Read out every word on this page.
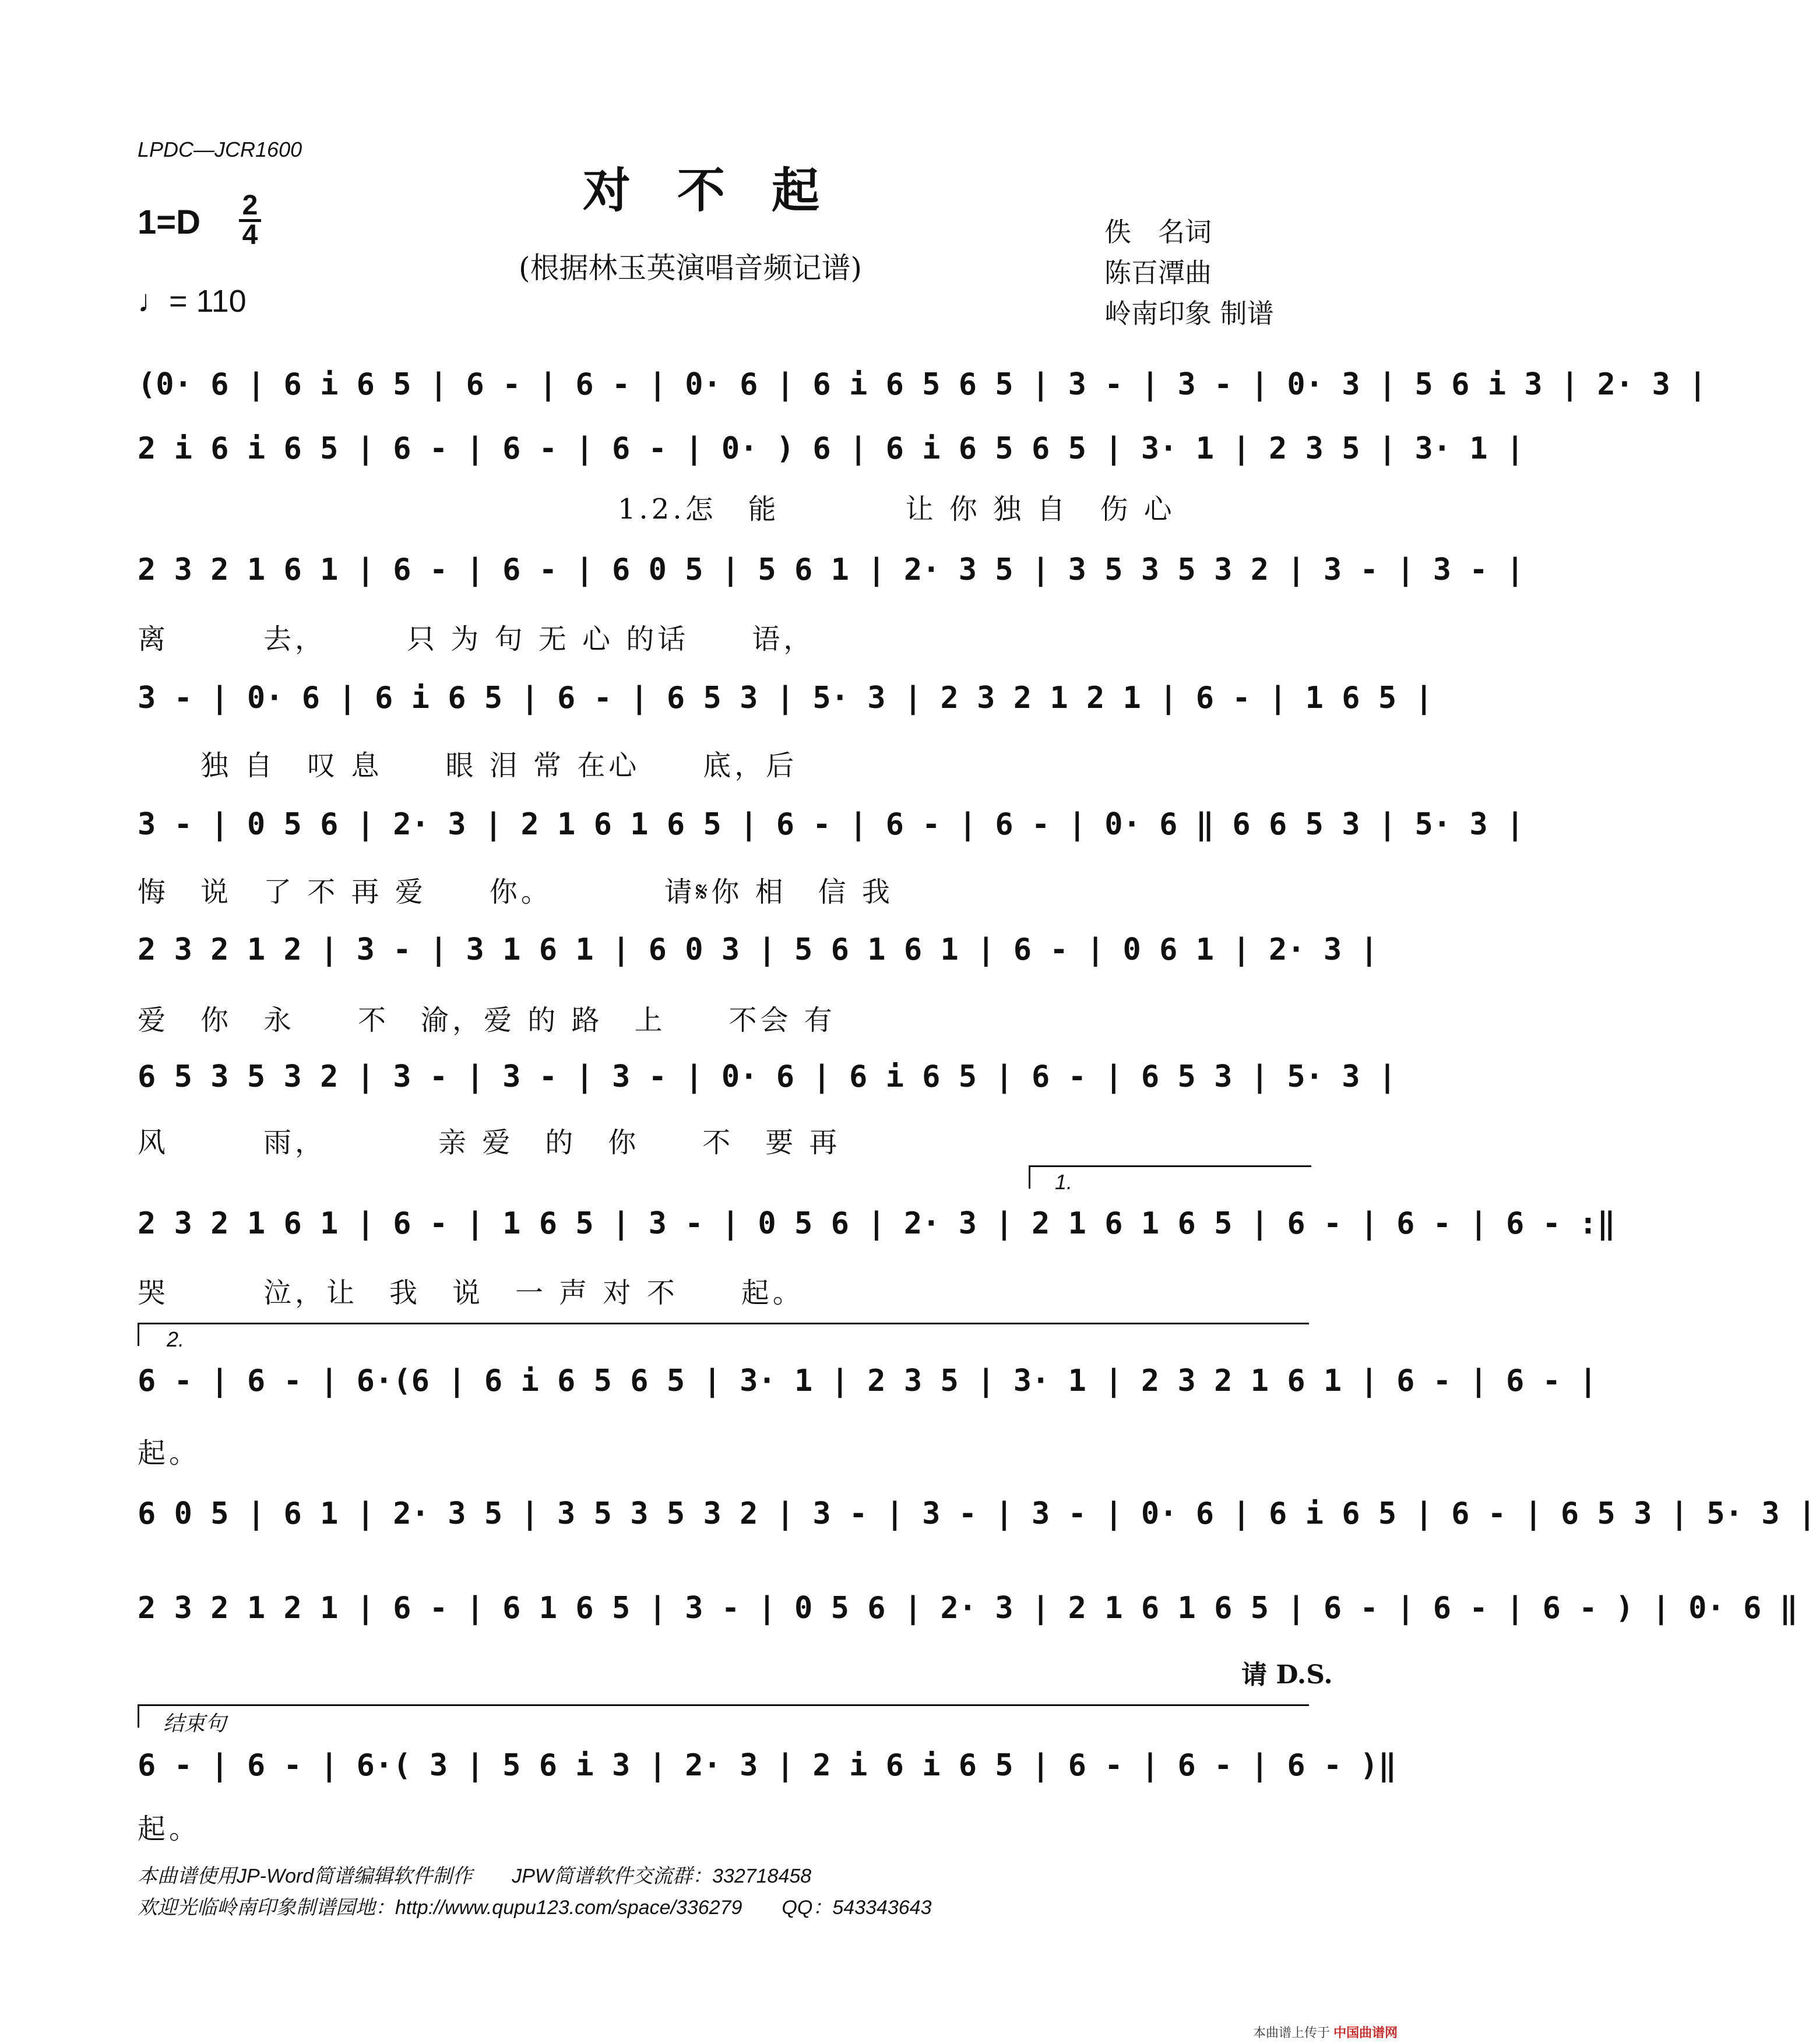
LPDC—JCR1600
对不起
(根据林玉英演唱音频记谱)
1=D 2
4
♩= 110
佚　名词
陈百潭曲
岭南印象 制谱
(0· 6 | 6 i 6 5 | 6 - | 6 - | 0· 6 | 6 i 6 5 6 5 | 3 - | 3 - | 0· 3 | 5 6 i 3 | 2· 3 |
2 i 6 i 6 5 | 6 - | 6 - | 6 - | 0· ) 6 | 6 i 6 5 6 5 | 3· 1 | 2 3 5 | 3· 1 |
1.2.怎　能　　　　让 你 独 自　伤 心
2 3 2 1 6 1 | 6 - | 6 - | 6 0 5 | 5 6 1 | 2· 3 5 | 3 5 3 5 3 2 | 3 - | 3 - |
离　　　去，　　　只 为 句 无 心 的话　　语，
3 - | 0· 6 | 6 i 6 5 | 6 - | 6 5 3 | 5· 3 | 2 3 2 1 2 1 | 6 - | 1 6 5 |
　　独 自　叹 息　　眼 泪 常 在心　　底，后
3 - | 0 5 6 | 2· 3 | 2 1 6 1 6 5 | 6 - | 6 - | 6 - | 0· 6 ‖ 6 6 5 3 | 5· 3 |
悔　说　了 不 再 爱　　你。　　　　请𝄋你 相　信 我
2 3 2 1 2 | 3 - | 3 1 6 1 | 6 0 3 | 5 6 1 6 1 | 6 - | 0 6 1 | 2· 3 |
爱　你　永　　不　渝，爱 的 路　上　　不会 有
6 5 3 5 3 2 | 3 - | 3 - | 3 - | 0· 6 | 6 i 6 5 | 6 - | 6 5 3 | 5· 3 |
风　　　雨，　　　　亲 爱　的　你　　不　要 再
1.
2 3 2 1 6 1 | 6 - | 1 6 5 | 3 - | 0 5 6 | 2· 3 | 2 1 6 1 6 5 | 6 - | 6 - | 6 - :‖
哭　　　泣，让　我　说　一 声 对 不　　起。
2.
6 - | 6 - | 6·(6 | 6 i 6 5 6 5 | 3· 1 | 2 3 5 | 3· 1 | 2 3 2 1 6 1 | 6 - | 6 - |
起。
6 0 5 | 6 1 | 2· 3 5 | 3 5 3 5 3 2 | 3 - | 3 - | 3 - | 0· 6 | 6 i 6 5 | 6 - | 6 5 3 | 5· 3 |
2 3 2 1 2 1 | 6 - | 6 1 6 5 | 3 - | 0 5 6 | 2· 3 | 2 1 6 1 6 5 | 6 - | 6 - | 6 - ) | 0· 6 ‖
请 D.S.
结束句
6 - | 6 - | 6·( 3 | 5 6 i 3 | 2· 3 | 2 i 6 i 6 5 | 6 - | 6 - | 6 - )‖
起。
本曲谱使用JP-Word简谱编辑软件制作　　JPW简谱软件交流群：332718458
欢迎光临岭南印象制谱园地：http://www.qupu123.com/space/336279　　QQ：543343643
本曲谱上传于 中国曲谱网
